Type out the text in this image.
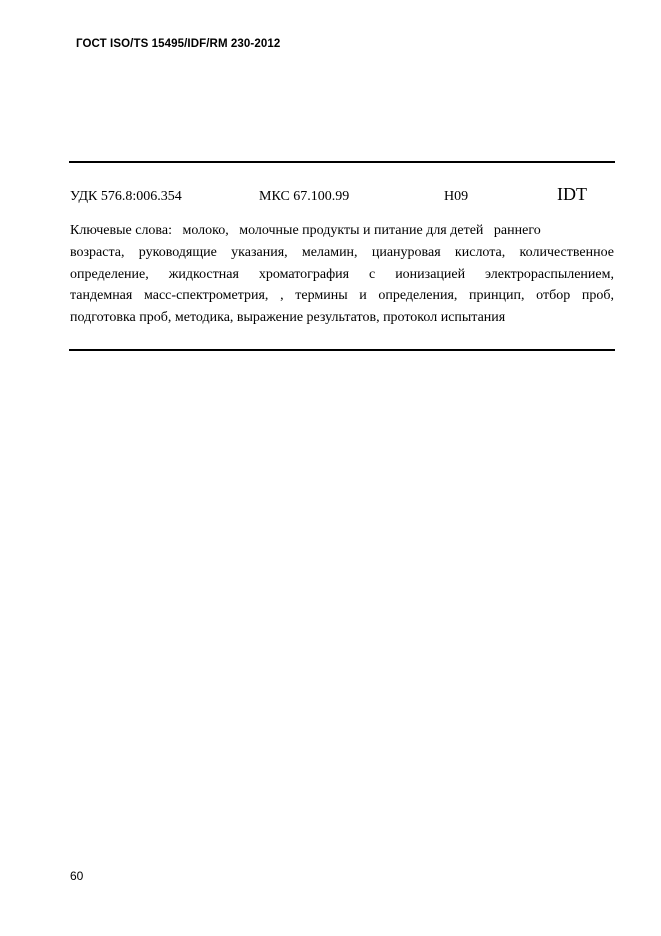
ГОСТ ISO/TS 15495/IDF/RM 230-2012
УДК 576.8:006.354	МКС 67.100.99	Н09	IDT
Ключевые слова:   молоко,   молочные продукты и питание для детей   раннего
возраста, руководящие указания, меламин, циануровая кислота, количественное
определение, жидкостная хроматография с ионизацией электрораспылением,
тандемная масс-спектрометрия, , термины и определения, принцип, отбор проб,
подготовка проб, методика, выражение результатов, протокол испытания
60
